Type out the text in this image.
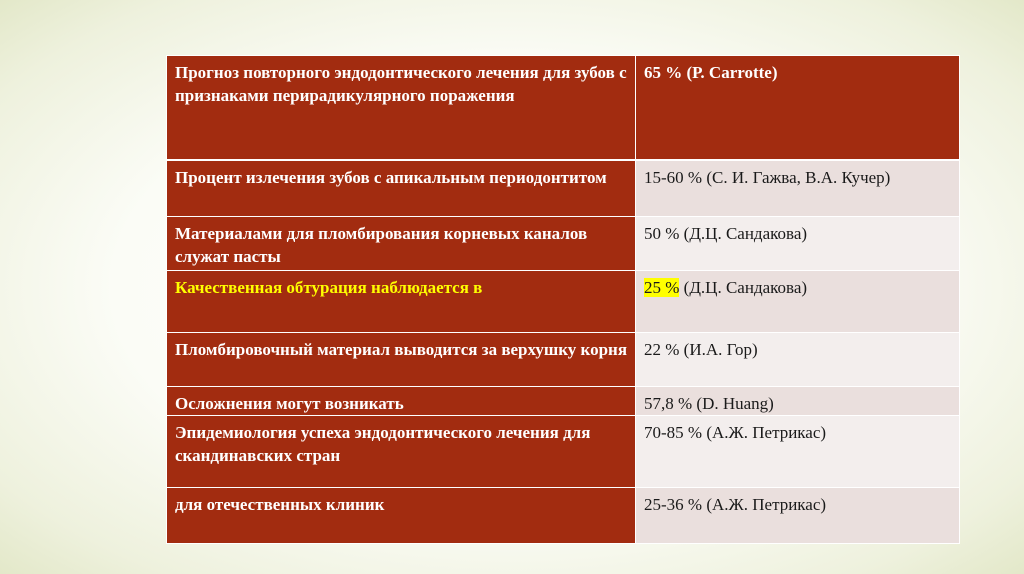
Прогноз повторного эндодонтического лечения для зубов с признаками перирадикулярного поражения	65 % (Р. Carrotte)
Процент излечения зубов с апикальным периодонтитом	15-60 % (С. И. Гажва, В.А. Кучер)
Материалами для пломбирования корневых каналов служат пасты	50 % (Д.Ц. Сандакова)
Качественная обтурация наблюдается в	25 % (Д.Ц. Сандакова)
Пломбировочный материал выводится за верхушку корня	22 % (И.А. Гор)
Осложнения могут возникать	57,8 % (D. Huang)
Эпидемиология успеха эндодонтического лечения для скандинавских стран	70-85 % (А.Ж. Петрикас)
для отечественных клиник	25-36 % (А.Ж. Петрикас)
